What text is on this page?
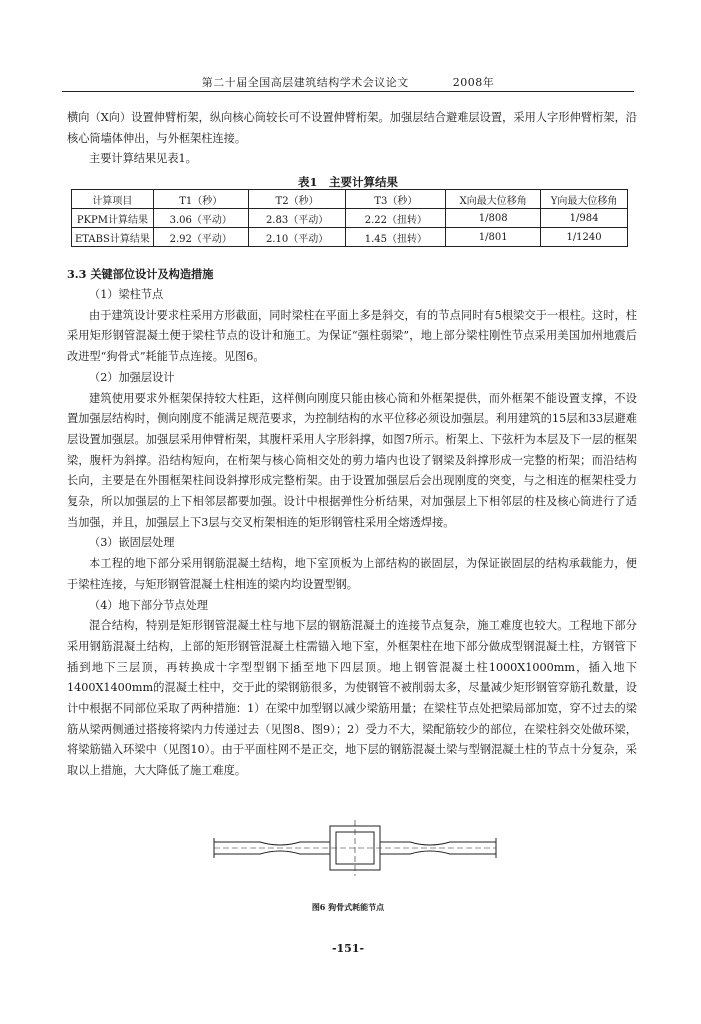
第二十届全国高层建筑结构学术会议论文	2008年
横向（X向）设置伸臂桁架，纵向核心筒较长可不设置伸臂桁架。加强层结合避难层设置，采用人字形伸臂桁架，沿核心筒墙体伸出，与外框架柱连接。
主要计算结果见表1。
表1　主要计算结果
计算项目	T1（秒）	T2（秒）	T3（秒）	X向最大位移角	Y向最大位移角
PKPM计算结果	3.06（平动）	2.83（平动）	2.22（扭转）	1/808	1/984
ETABS计算结果	2.92（平动）	2.10（平动）	1.45（扭转）	1/801	1/1240
3.3 关键部位设计及构造措施
（1）梁柱节点
由于建筑设计要求柱采用方形截面，同时梁柱在平面上多是斜交，有的节点同时有5根梁交于一根柱。这时，柱采用矩形钢管混凝土便于梁柱节点的设计和施工。为保证“强柱弱梁”，地上部分梁柱刚性节点采用美国加州地震后改进型“狗骨式”耗能节点连接。见图6。
（2）加强层设计
建筑使用要求外框架保持较大柱距，这样侧向刚度只能由核心筒和外框架提供，而外框架不能设置支撑，不设置加强层结构时，侧向刚度不能满足规范要求，为控制结构的水平位移必须设加强层。利用建筑的15层和33层避难层设置加强层。加强层采用伸臂桁架，其腹杆采用人字形斜撑，如图7所示。桁架上、下弦杆为本层及下一层的框架梁，腹杆为斜撑。沿结构短向，在桁架与核心筒相交处的剪力墙内也设了钢梁及斜撑形成一完整的桁架；而沿结构长向，主要是在外围框架柱间设斜撑形成完整桁架。由于设置加强层后会出现刚度的突变，与之相连的框架柱受力复杂，所以加强层的上下相邻层都要加强。设计中根据弹性分析结果，对加强层上下相邻层的柱及核心筒进行了适当加强，并且，加强层上下3层与交叉桁架相连的矩形钢管柱采用全熔透焊接。
（3）嵌固层处理
本工程的地下部分采用钢筋混凝土结构，地下室顶板为上部结构的嵌固层，为保证嵌固层的结构承载能力，便于梁柱连接，与矩形钢管混凝土柱相连的梁内均设置型钢。
（4）地下部分节点处理
混合结构，特别是矩形钢管混凝土柱与地下层的钢筋混凝土的连接节点复杂，施工难度也较大。工程地下部分采用钢筋混凝土结构，上部的矩形钢管混凝土柱需锚入地下室，外框架柱在地下部分做成型钢混凝土柱，方钢管下插到地下三层顶，再转换成十字型型钢下插至地下四层顶。地上钢管混凝土柱1000X1000mm，插入地下1400X1400mm的混凝土柱中，交于此的梁钢筋很多，为使钢管不被削弱太多，尽量减少矩形钢管穿筋孔数量，设计中根据不同部位采取了两种措施：1）在梁中加型钢以减少梁筋用量；在梁柱节点处把梁局部加宽，穿不过去的梁筋从梁两侧通过搭接将梁内力传递过去（见图8、图9）；2）受力不大，梁配筋较少的部位，在梁柱斜交处做环梁，将梁筋锚入环梁中（见图10）。由于平面柱网不是正交，地下层的钢筋混凝土梁与型钢混凝土柱的节点十分复杂，采取以上措施，大大降低了施工难度。
图6 狗骨式耗能节点
-151-
